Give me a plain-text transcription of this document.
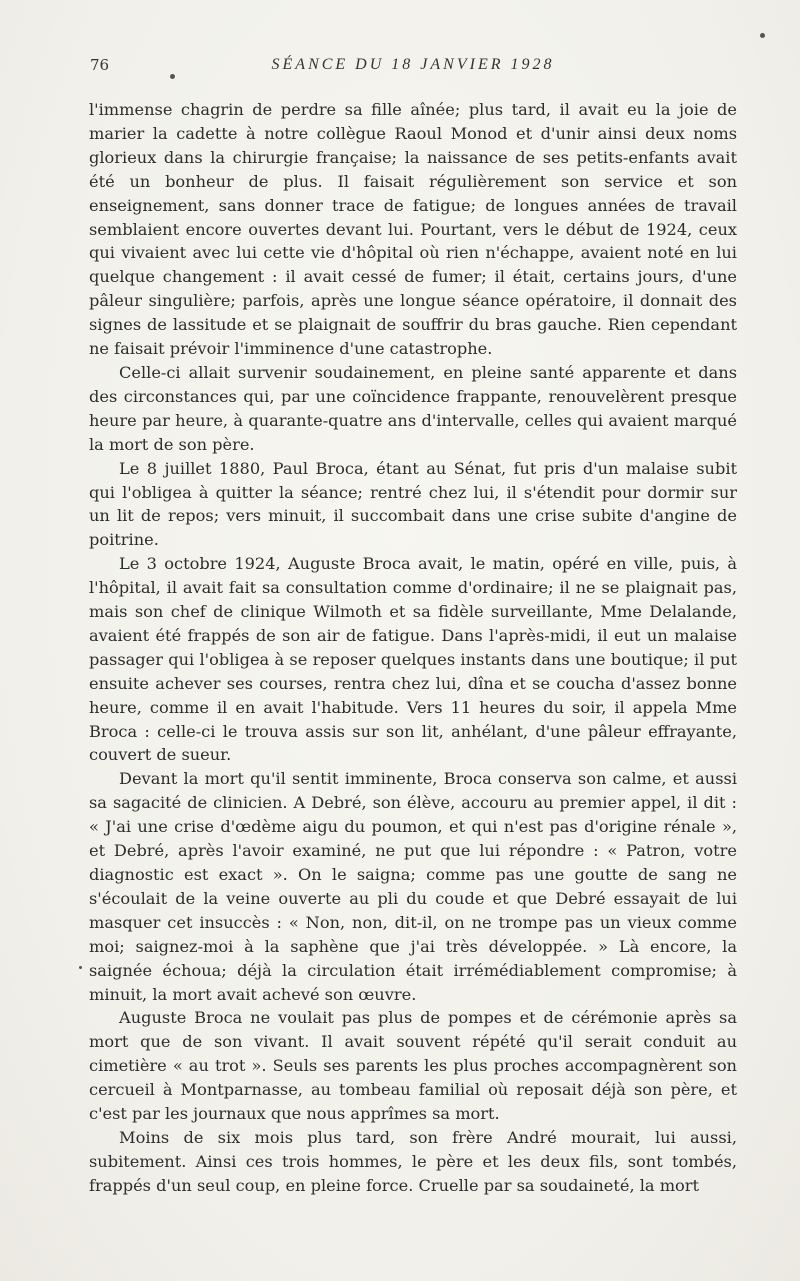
76	SÉANCE DU 18 JANVIER 1928

l'immense chagrin de perdre sa fille aînée; plus tard, il avait eu la joie de marier la cadette à notre collègue Raoul Monod et d'unir ainsi deux noms glorieux dans la chirurgie française; la naissance de ses petits-enfants avait été un bonheur de plus. Il faisait régulièrement son service et son enseignement, sans donner trace de fatigue; de longues années de travail semblaient encore ouvertes devant lui. Pourtant, vers le début de 1924, ceux qui vivaient avec lui cette vie d'hôpital où rien n'échappe, avaient noté en lui quelque changement : il avait cessé de fumer; il était, certains jours, d'une pâleur singulière; parfois, après une longue séance opératoire, il donnait des signes de lassitude et se plaignait de souffrir du bras gauche. Rien cependant ne faisait prévoir l'imminence d'une catastrophe.

Celle-ci allait survenir soudainement, en pleine santé apparente et dans des circonstances qui, par une coïncidence frappante, renouvelèrent presque heure par heure, à quarante-quatre ans d'intervalle, celles qui avaient marqué la mort de son père.

Le 8 juillet 1880, Paul Broca, étant au Sénat, fut pris d'un malaise subit qui l'obligea à quitter la séance; rentré chez lui, il s'étendit pour dormir sur un lit de repos; vers minuit, il succombait dans une crise subite d'angine de poitrine.

Le 3 octobre 1924, Auguste Broca avait, le matin, opéré en ville, puis, à l'hôpital, il avait fait sa consultation comme d'ordinaire; il ne se plaignait pas, mais son chef de clinique Wilmoth et sa fidèle surveillante, Mme Delalande, avaient été frappés de son air de fatigue. Dans l'après-midi, il eut un malaise passager qui l'obligea à se reposer quelques instants dans une boutique; il put ensuite achever ses courses, rentra chez lui, dîna et se coucha d'assez bonne heure, comme il en avait l'habitude. Vers 11 heures du soir, il appela Mme Broca : celle-ci le trouva assis sur son lit, anhélant, d'une pâleur effrayante, couvert de sueur.

Devant la mort qu'il sentit imminente, Broca conserva son calme, et aussi sa sagacité de clinicien. A Debré, son élève, accouru au premier appel, il dit : « J'ai une crise d'œdème aigu du poumon, et qui n'est pas d'origine rénale », et Debré, après l'avoir examiné, ne put que lui répondre : « Patron, votre diagnostic est exact ». On le saigna; comme pas une goutte de sang ne s'écoulait de la veine ouverte au pli du coude et que Debré essayait de lui masquer cet insuccès : « Non, non, dit-il, on ne trompe pas un vieux comme moi; saignez-moi à la saphène que j'ai très développée. » Là encore, la saignée échoua; déjà la circulation était irrémédiablement compromise; à minuit, la mort avait achevé son œuvre.

Auguste Broca ne voulait pas plus de pompes et de cérémonie après sa mort que de son vivant. Il avait souvent répété qu'il serait conduit au cimetière « au trot ». Seuls ses parents les plus proches accompagnèrent son cercueil à Montparnasse, au tombeau familial où reposait déjà son père, et c'est par les journaux que nous apprîmes sa mort.

Moins de six mois plus tard, son frère André mourait, lui aussi, subitement. Ainsi ces trois hommes, le père et les deux fils, sont tombés, frappés d'un seul coup, en pleine force. Cruelle par sa soudaineté, la mort
